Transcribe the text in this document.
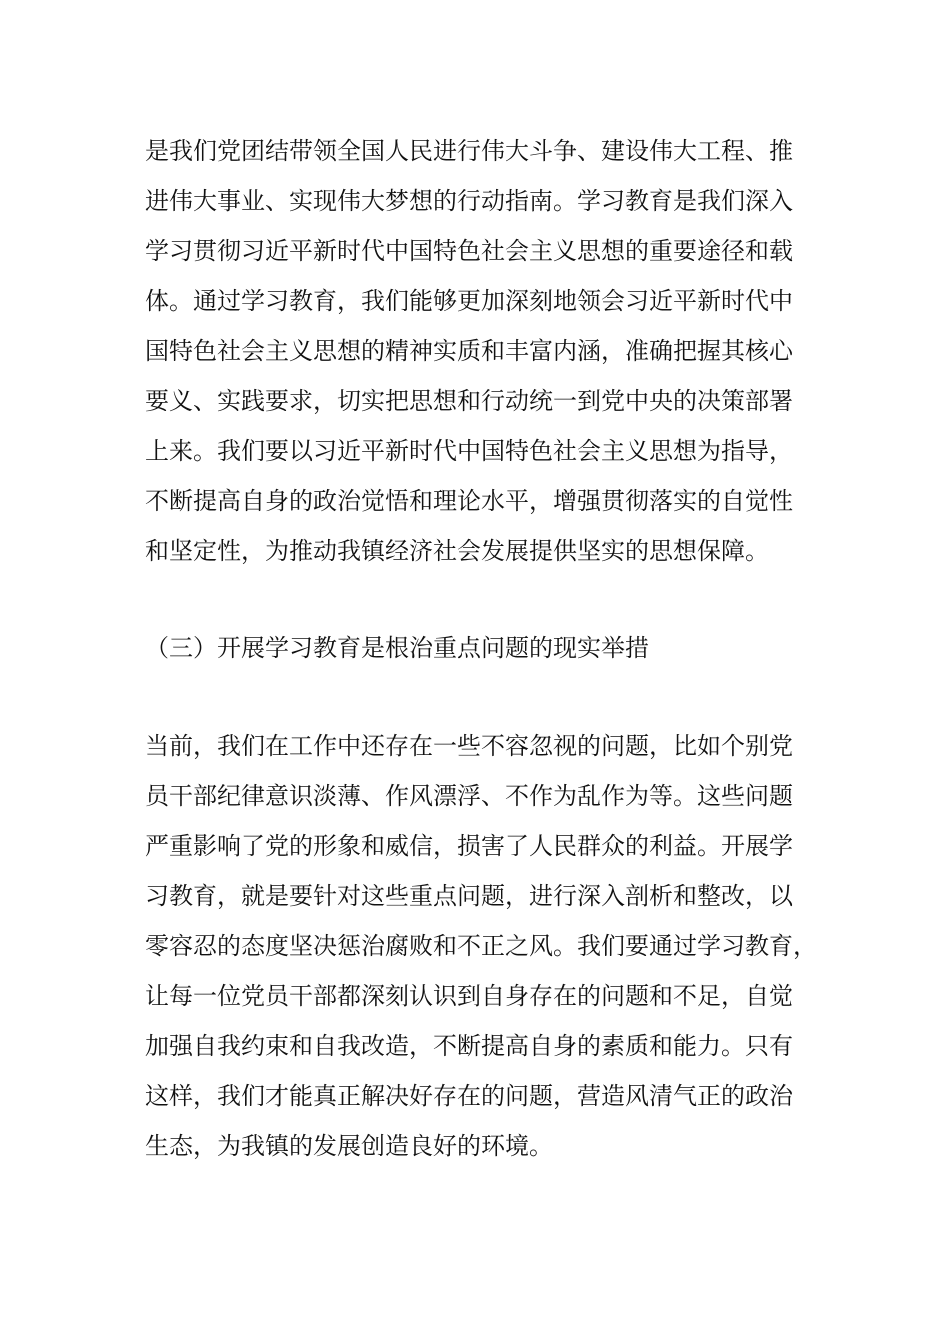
是我们党团结带领全国人民进行伟大斗争、建设伟大工程、推
进伟大事业、实现伟大梦想的行动指南。学习教育是我们深入
学习贯彻习近平新时代中国特色社会主义思想的重要途径和载
体。通过学习教育，我们能够更加深刻地领会习近平新时代中
国特色社会主义思想的精神实质和丰富内涵，准确把握其核心
要义、实践要求，切实把思想和行动统一到党中央的决策部署
上来。我们要以习近平新时代中国特色社会主义思想为指导，
不断提高自身的政治觉悟和理论水平，增强贯彻落实的自觉性
和坚定性，为推动我镇经济社会发展提供坚实的思想保障。
（三）开展学习教育是根治重点问题的现实举措
当前，我们在工作中还存在一些不容忽视的问题，比如个别党
员干部纪律意识淡薄、作风漂浮、不作为乱作为等。这些问题
严重影响了党的形象和威信，损害了人民群众的利益。开展学
习教育，就是要针对这些重点问题，进行深入剖析和整改，以
零容忍的态度坚决惩治腐败和不正之风。我们要通过学习教育，
让每一位党员干部都深刻认识到自身存在的问题和不足，自觉
加强自我约束和自我改造，不断提高自身的素质和能力。只有
这样，我们才能真正解决好存在的问题，营造风清气正的政治
生态，为我镇的发展创造良好的环境。
